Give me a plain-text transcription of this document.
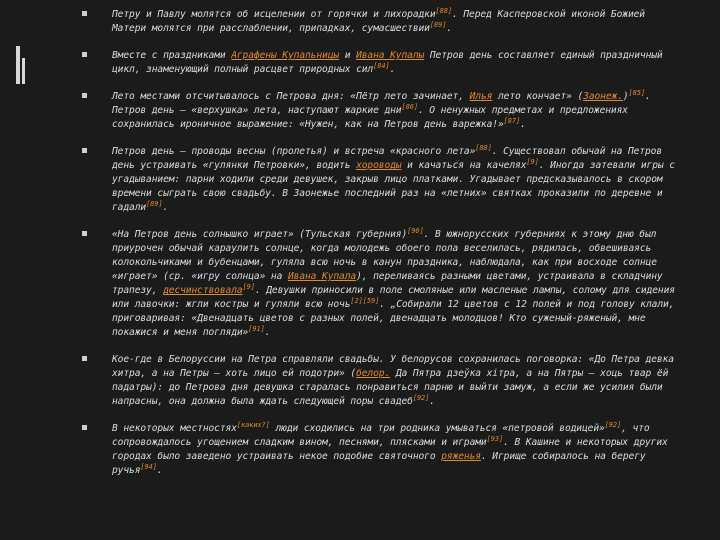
Петру и Павлу молятся об исцелении от горячки и лихорадки[88]. Перед Касперовской иконой Божией Матери молятся при расслаблении, припадках, сумасшествии[89].
Вместе с праздниками Аграфены Купальницы и Ивана Купалы Петров день составляет единый праздничный цикл, знаменующий полный расцвет природных сил[84].
Лето местами отсчитывалось с Петрова дня: «Пётр лето зачинает, Илья лето кончает» (Заонеж.)[85]. Петров день — «верхушка» лета, наступают жаркие дни[86]. О ненужных предметах и предложениях сохранилась ироничное выражение: «Нужен, как на Петров день варежка!»[87].
Петров день — проводы весны (пролетья) и встреча «красного лета»[88]. Существовал обычай на Петров день устраивать «гулянки Петровки», водить хороводы и качаться на качелях[9]. Иногда затевали игры с угадыванием: парни ходили среди девушек, закрыв лицо платками. Угадывает предсказывалось в скором времени сыграть свою свадьбу. В Заонежье последний раз на «летних» святках проказили по деревне и гадали[89].
«На Петров день солнышко играет» (Тульская губерния)[90]. В южнорусских губерниях к этому дню был приурочен обычай караулить солнце, когда молодежь обоего пола веселилась, рядилась, обвешиваясь колокольчиками и бубенцами, гуляла всю ночь в канун праздника, наблюдала, как при восходе солнце «играет» (ср. «игру солнца» на Ивана Купала), переливаясь разными цветами, устраивала в складчину трапезу, десчинствовала[9]. Девушки приносили в поле смоляные или масленые лампы, солому для сидения или лавочки: жгли костры и гуляли всю ночь[2][59]. „Собирали 12 цветов с 12 полей и под голову клали, приговаривая: «Двенадцать цветов с разных полей, двенадцать молодцов! Кто суженый-ряженый, мне покажися и меня погляди»[91].
Кое-где в Белоруссии на Петра справляли свадьбы. У белорусов сохранилась поговорка: «До Петра девка хитра, а на Петры — хоть лицо ей подотри» (белор. Да Пятра дзеўка хітра, а на Пятры — хоць твар ёй падатры): до Петрова дня девушка старалась понравиться парню и выйти замуж, а если же усилия были напрасны, она должна была ждать следующей поры свадеб[92].
В некоторых местностях[каких?] люди сходились на три родника умываться «петровой водицей»[92], что сопровождалось угощением сладким вином, песнями, плясками и играми[93]. В Кашине и некоторых других городах было заведено устраивать некое подобие святочного ряженья. Игрище собиралось на берегу ручья[94].
